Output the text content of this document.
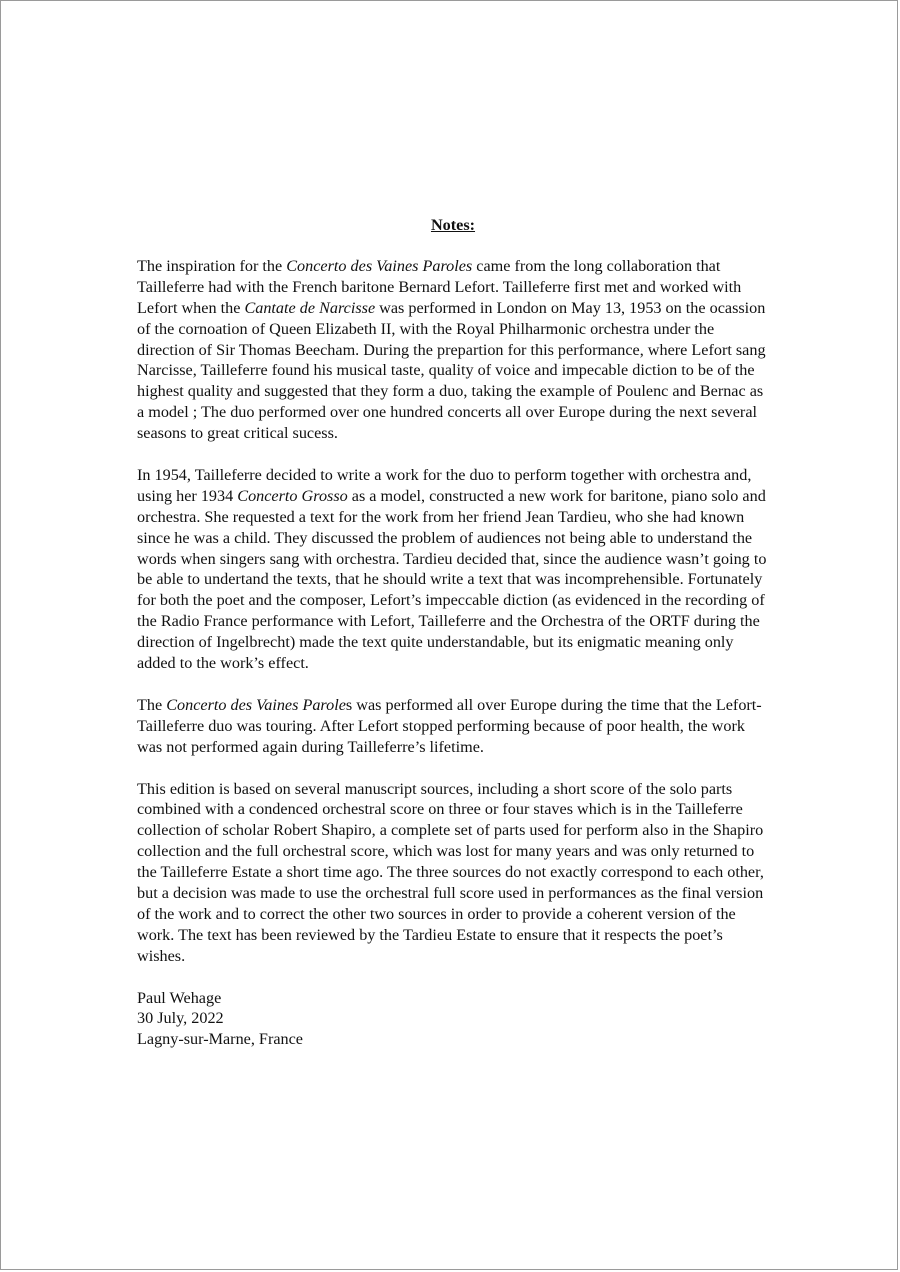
Notes:

The inspiration for the Concerto des Vaines Paroles came from the long collaboration that Tailleferre had with the French baritone Bernard Lefort. Tailleferre first met and worked with Lefort when the Cantate de Narcisse was performed in London on May 13, 1953 on the ocassion of the cornoation of Queen Elizabeth II, with the Royal Philharmonic orchestra under the direction of Sir Thomas Beecham. During the prepartion for this performance, where Lefort sang Narcisse, Tailleferre found his musical taste, quality of voice and impecable diction to be of the highest quality and suggested that they form a duo, taking the example of Poulenc and Bernac as a model ; The duo performed over one hundred concerts all over Europe during the next several seasons to great critical sucess.

In 1954, Tailleferre decided to write a work for the duo to perform together with orchestra and, using her 1934 Concerto Grosso as a model, constructed a new work for baritone, piano solo and orchestra. She requested a text for the work from her friend Jean Tardieu, who she had known since he was a child. They discussed the problem of audiences not being able to understand the words when singers sang with orchestra. Tardieu decided that, since the audience wasn’t going to be able to undertand the texts, that he should write a text that was incomprehensible. Fortunately for both the poet and the composer, Lefort’s impeccable diction (as evidenced in the recording of the Radio France performance with Lefort, Tailleferre and the Orchestra of the ORTF during the direction of Ingelbrecht) made the text quite understandable, but its enigmatic meaning only added to the work’s effect.

The Concerto des Vaines Paroles was performed all over Europe during the time that the Lefort-Tailleferre duo was touring. After Lefort stopped performing because of poor health, the work was not performed again during Tailleferre’s lifetime.

This edition is based on several manuscript sources, including a short score of the solo parts combined with a condenced orchestral score on three or four staves which is in the Tailleferre collection of scholar Robert Shapiro, a complete set of parts used for perform also in the Shapiro collection and the full orchestral score, which was lost for many years and was only returned to the Tailleferre Estate a short time ago. The three sources do not exactly correspond to each other, but a decision was made to use the orchestral full score used in performances as the final version of the work and to correct the other two sources in order to provide a coherent version of the work. The text has been reviewed by the Tardieu Estate to ensure that it respects the poet’s wishes.

Paul Wehage
30 July, 2022
Lagny-sur-Marne, France
